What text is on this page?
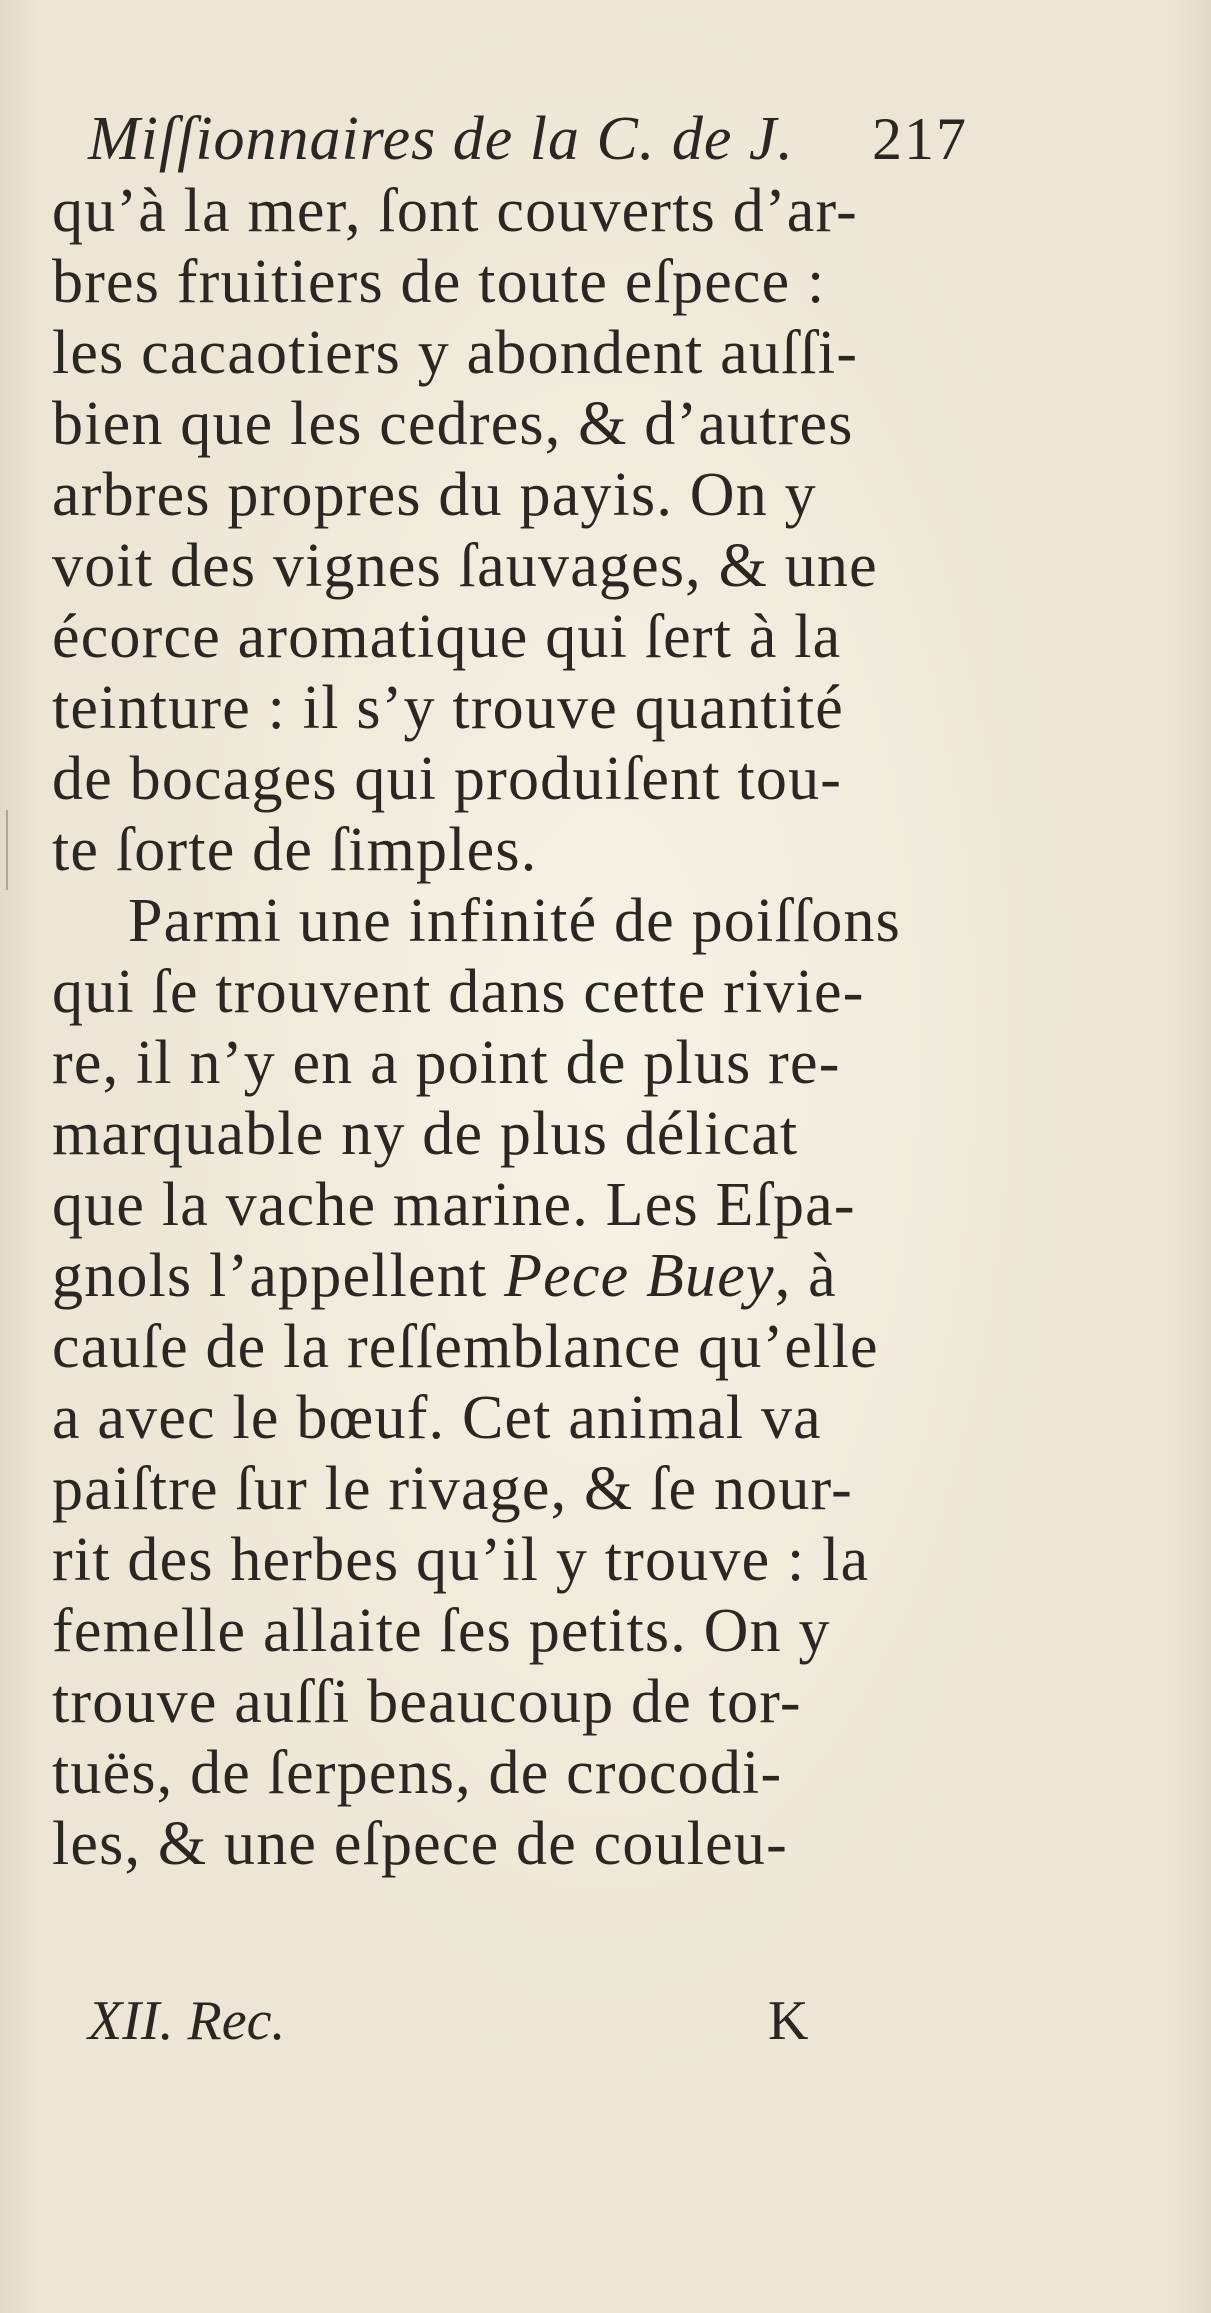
Miſſionnaires de la C. de J. 217
qu’à la mer, ſont couverts d’ar-
bres fruitiers de toute eſpece :
les cacaotiers y abondent auſſi-
bien que les cedres, & d’autres
arbres propres du payis. On y
voit des vignes ſauvages, & une
écorce aromatique qui ſert à la
teinture : il s’y trouve quantité
de bocages qui produiſent tou-
te ſorte de ſimples.
Parmi une infinité de poiſſons
qui ſe trouvent dans cette rivie-
re, il n’y en a point de plus re-
marquable ny de plus délicat
que la vache marine. Les Eſpa-
gnols l’appellent Pece Buey, à
cauſe de la reſſemblance qu’elle
a avec le bœuf. Cet animal va
paiſtre ſur le rivage, & ſe nour-
rit des herbes qu’il y trouve : la
femelle allaite ſes petits. On y
trouve auſſi beaucoup de tor-
tuës, de ſerpens, de crocodi-
les, & une eſpece de couleu-
XII. Rec.	K
